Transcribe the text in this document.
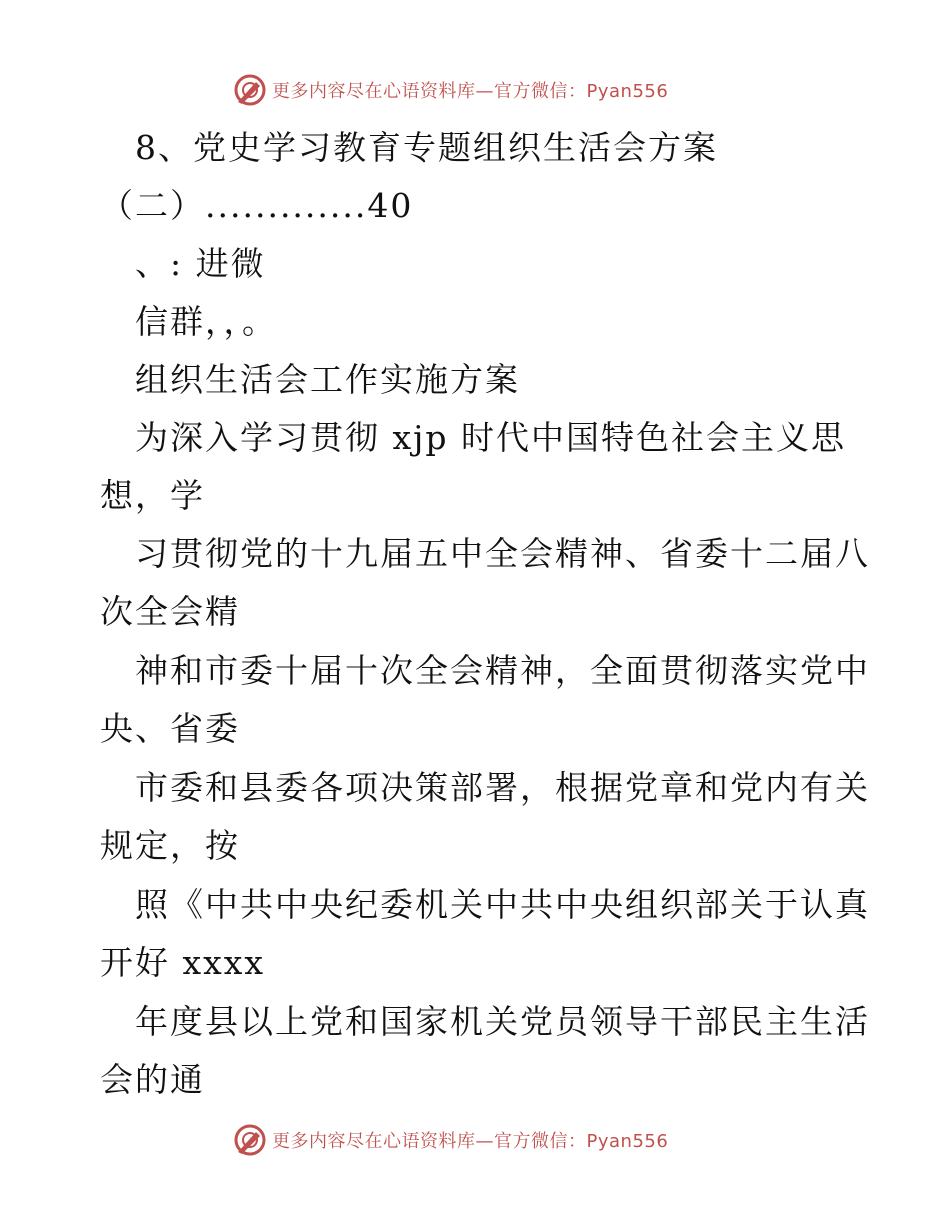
更多内容尽在心语资料库—官方微信：Pyan556
8、党史学习教育专题组织生活会方案
（二）.............40
、: 进微
信群，，。
组织生活会工作实施方案
为深入学习贯彻 xjp 时代中国特色社会主义思
想，学
习贯彻党的十九届五中全会精神、省委十二届八
次全会精
神和市委十届十次全会精神，全面贯彻落实党中
央、省委
市委和县委各项决策部署，根据党章和党内有关
规定，按
照《中共中央纪委机关中共中央组织部关于认真
开好 xxxx
年度县以上党和国家机关党员领导干部民主生活
会的通
更多内容尽在心语资料库—官方微信：Pyan556
